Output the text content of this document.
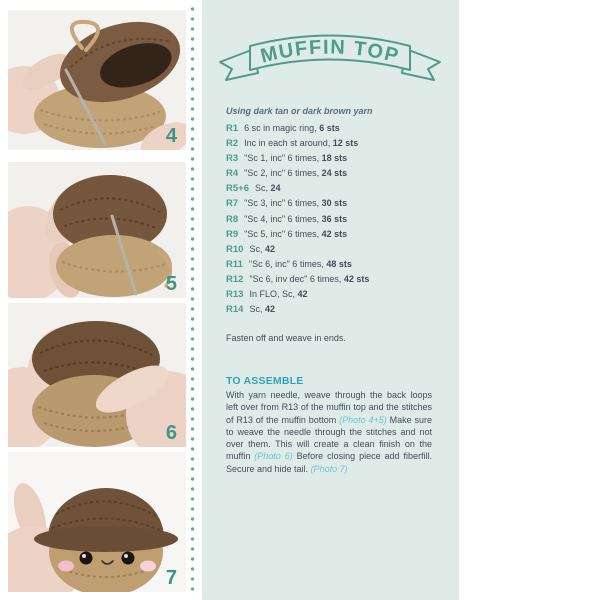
4
5
6
7
MUFFIN TOP

Using dark tan or dark brown yarn

R1 6 sc in magic ring, 6 sts
R2 Inc in each st around, 12 sts
R3 "Sc 1, inc" 6 times, 18 sts
R4 "Sc 2, inc" 6 times, 24 sts
R5+6 Sc, 24
R7 "Sc 3, inc" 6 times, 30 sts
R8 "Sc 4, inc" 6 times, 36 sts
R9 "Sc 5, inc" 6 times, 42 sts
R10 Sc, 42
R11 "Sc 6, inc" 6 times, 48 sts
R12 "Sc 6, inv dec" 6 times, 42 sts
R13 In FLO, Sc, 42
R14 Sc, 42

Fasten off and weave in ends.

TO ASSEMBLE

With yarn needle, weave through the back loops left over from R13 of the muffin top and the stitches of R13 of the muffin bottom (Photo 4+5) Make sure to weave the needle through the stitches and not over them. This will create a clean finish on the muffin (Photo 6) Before closing piece add fiberfill. Secure and hide tail. (Photo 7)
